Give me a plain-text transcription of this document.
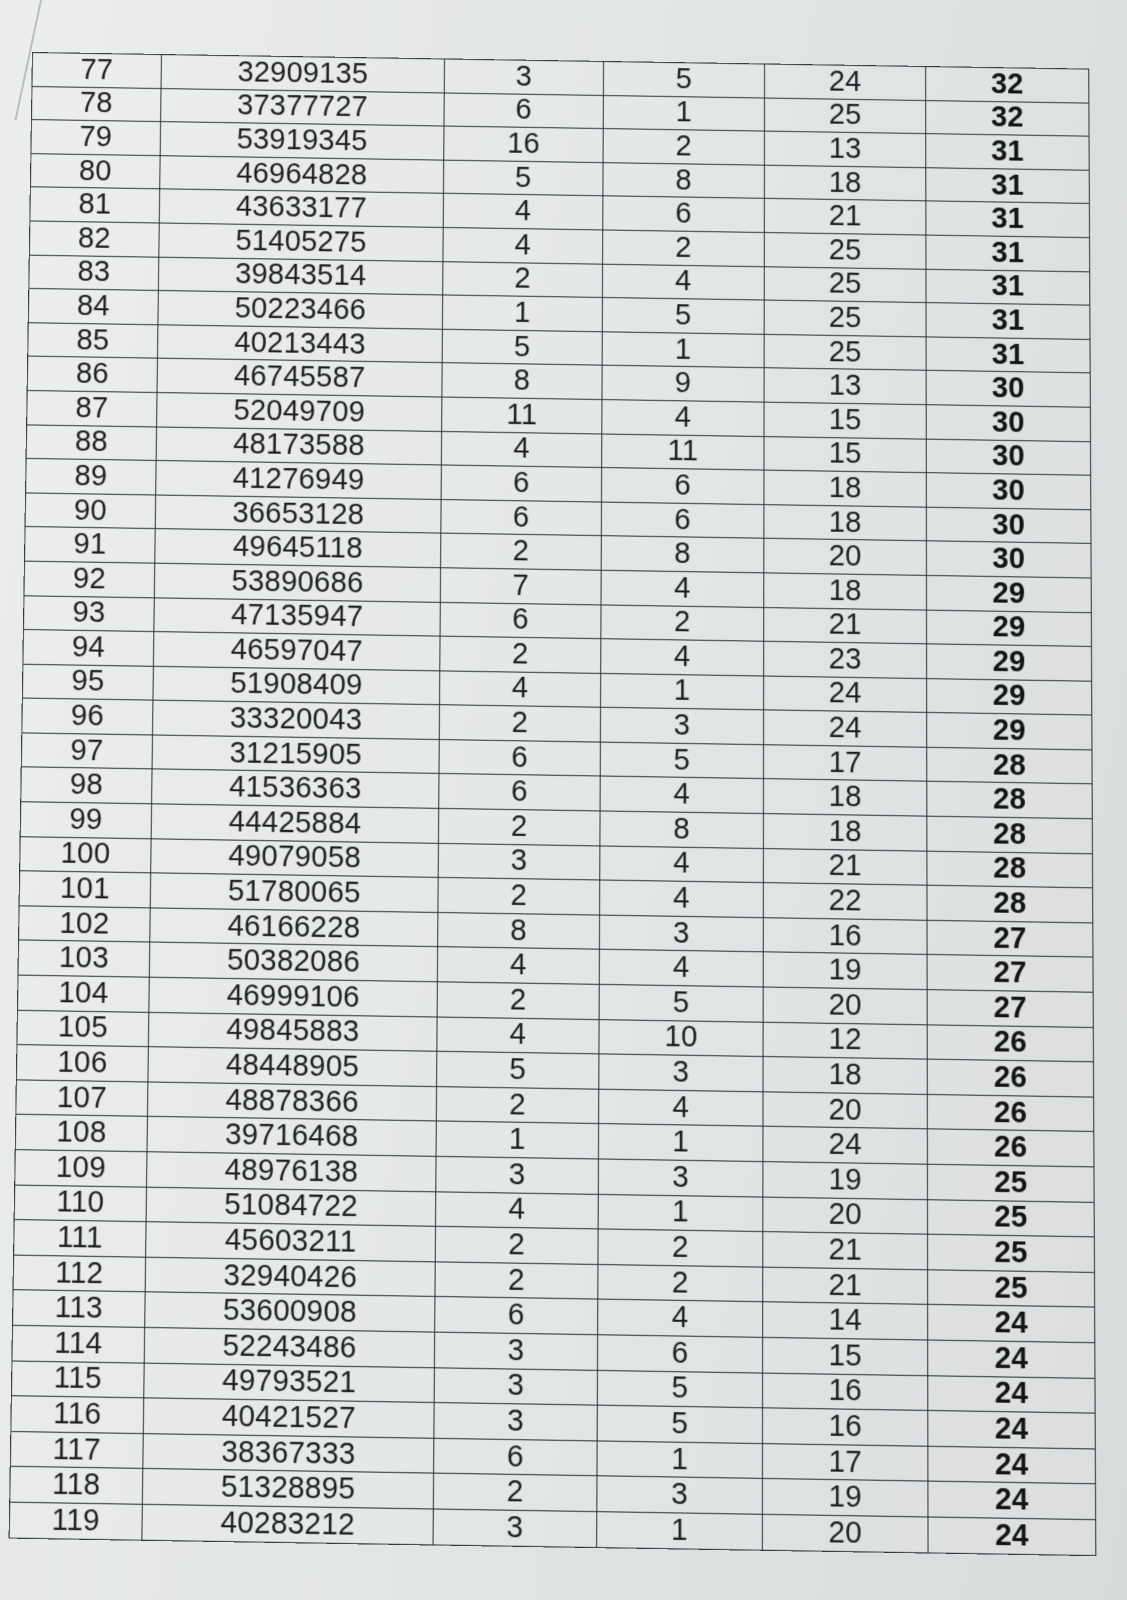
77	32909135	3	5	24	32
78	37377727	6	1	25	32
79	53919345	16	2	13	31
80	46964828	5	8	18	31
81	43633177	4	6	21	31
82	51405275	4	2	25	31
83	39843514	2	4	25	31
84	50223466	1	5	25	31
85	40213443	5	1	25	31
86	46745587	8	9	13	30
87	52049709	11	4	15	30
88	48173588	4	11	15	30
89	41276949	6	6	18	30
90	36653128	6	6	18	30
91	49645118	2	8	20	30
92	53890686	7	4	18	29
93	47135947	6	2	21	29
94	46597047	2	4	23	29
95	51908409	4	1	24	29
96	33320043	2	3	24	29
97	31215905	6	5	17	28
98	41536363	6	4	18	28
99	44425884	2	8	18	28
100	49079058	3	4	21	28
101	51780065	2	4	22	28
102	46166228	8	3	16	27
103	50382086	4	4	19	27
104	46999106	2	5	20	27
105	49845883	4	10	12	26
106	48448905	5	3	18	26
107	48878366	2	4	20	26
108	39716468	1	1	24	26
109	48976138	3	3	19	25
110	51084722	4	1	20	25
111	45603211	2	2	21	25
112	32940426	2	2	21	25
113	53600908	6	4	14	24
114	52243486	3	6	15	24
115	49793521	3	5	16	24
116	40421527	3	5	16	24
117	38367333	6	1	17	24
118	51328895	2	3	19	24
119	40283212	3	1	20	24
